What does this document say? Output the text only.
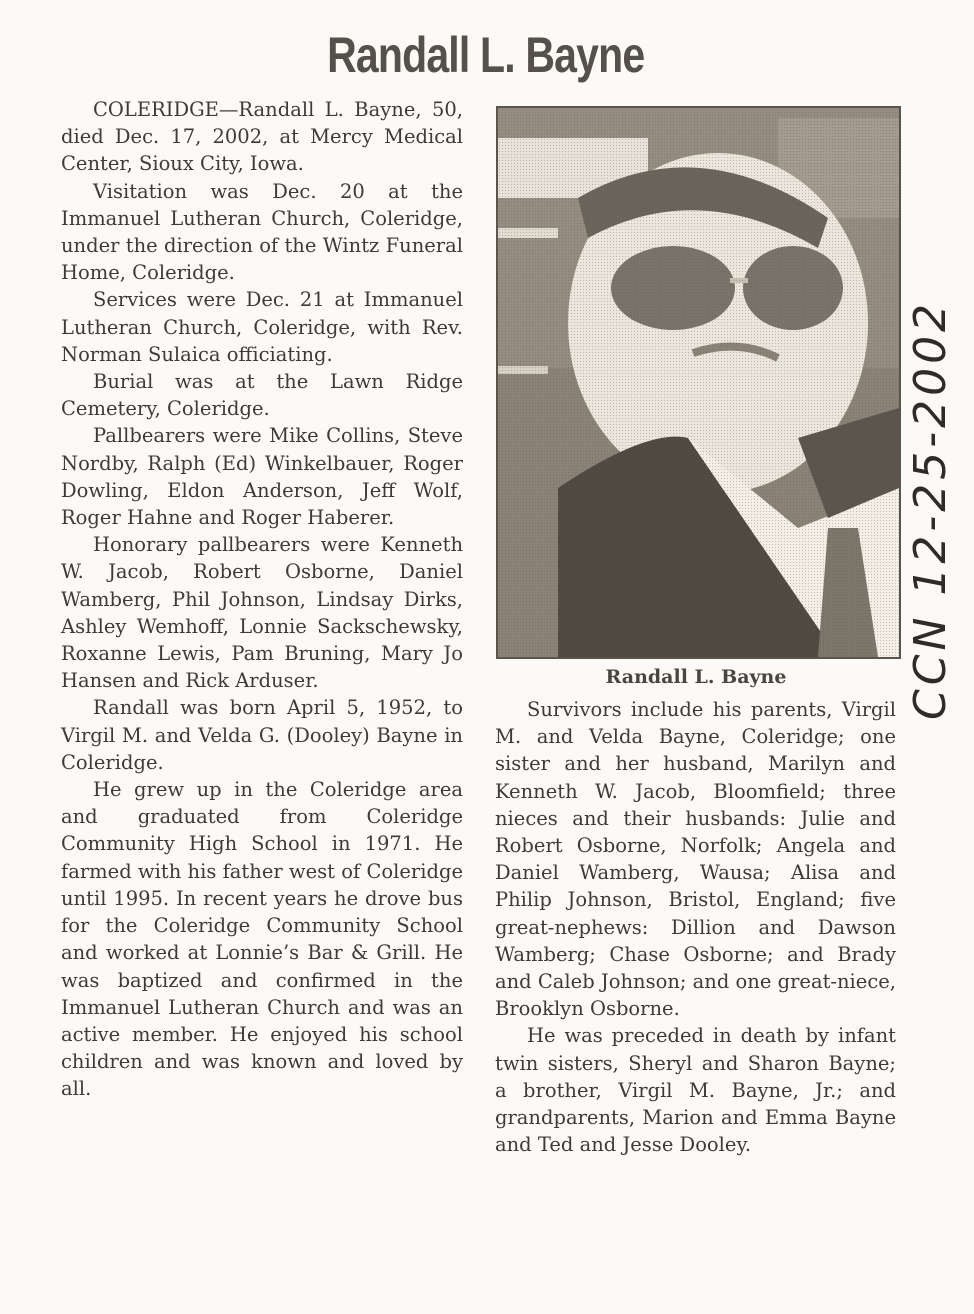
Randall L. Bayne

COLERIDGE—Randall L. Bayne, 50, died Dec. 17, 2002, at Mercy Medical Center, Sioux City, Iowa.

Visitation was Dec. 20 at the Immanuel Lutheran Church, Coleridge, under the direction of the Wintz Funeral Home, Coleridge.

Services were Dec. 21 at Immanuel Lutheran Church, Coleridge, with Rev. Norman Sulaica officiating.

Burial was at the Lawn Ridge Cemetery, Coleridge.

Pallbearers were Mike Collins, Steve Nordby, Ralph (Ed) Winkelbauer, Roger Dowling, Eldon Anderson, Jeff Wolf, Roger Hahne and Roger Haberer.

Honorary pallbearers were Kenneth W. Jacob, Robert Osborne, Daniel Wamberg, Phil Johnson, Lindsay Dirks, Ashley Wemhoff, Lonnie Sackschewsky, Roxanne Lewis, Pam Bruning, Mary Jo Hansen and Rick Arduser.

Randall was born April 5, 1952, to Virgil M. and Velda G. (Dooley) Bayne in Coleridge.

He grew up in the Coleridge area and graduated from Coleridge Community High School in 1971. He farmed with his father west of Coleridge until 1995. In recent years he drove bus for the Coleridge Community School and worked at Lonnie’s Bar & Grill. He was baptized and confirmed in the Immanuel Lutheran Church and was an active member. He enjoyed his school children and was known and loved by all.

Randall L. Bayne

Survivors include his parents, Virgil M. and Velda Bayne, Coleridge; one sister and her husband, Marilyn and Kenneth W. Jacob, Bloomfield; three nieces and their husbands: Julie and Robert Osborne, Norfolk; Angela and Daniel Wamberg, Wausa; Alisa and Philip Johnson, Bristol, England; five great-nephews: Dillion and Dawson Wamberg; Chase Osborne; and Brady and Caleb Johnson; and one great-niece, Brooklyn Osborne.

He was preceded in death by infant twin sisters, Sheryl and Sharon Bayne; a brother, Virgil M. Bayne, Jr.; and grandparents, Marion and Emma Bayne and Ted and Jesse Dooley.

CCN 12-25-2002
